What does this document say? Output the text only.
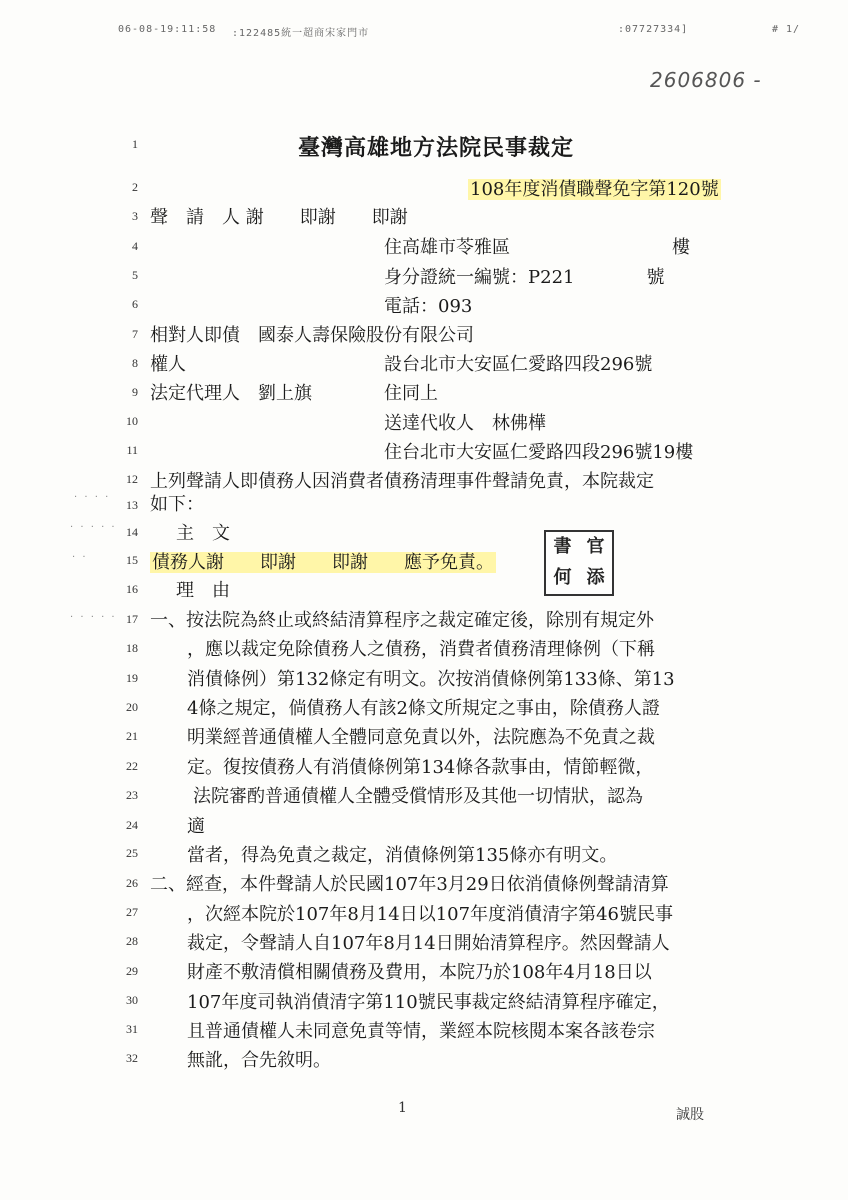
06-08-19:11:58 :122485統一超商宋家門市	:07727334]	# 1/
2606806 -
1
2
3
4
5
6
7
8
9
10
11
12
13
14
15
16
17
18
19
20
21
22
23
24
25
26
27
28
29
30
31
32
臺灣高雄地方法院民事裁定
108年度消債職聲免字第120號
聲　請　人 謝　　即謝　　即謝
住高雄市苓雅區　　　　　　　　　樓
身分證統一編號：P221　　　　號
電話：093
相對人即債　國泰人壽保險股份有限公司
權人	設台北市大安區仁愛路四段296號
法定代理人　劉上旗	住同上
送達代收人　林佛樺
住台北市大安區仁愛路四段296號19樓
上列聲請人即債務人因消費者債務清理事件聲請免責，本院裁定
如下：
主　文
債務人謝　　即謝　　即謝　　應予免責。
理　由
一、按法院為終止或終結清算程序之裁定確定後，除別有規定外
，應以裁定免除債務人之債務，消費者債務清理條例（下稱
消債條例）第132條定有明文。次按消債條例第133條、第13
4條之規定，倘債務人有該2條文所規定之事由，除債務人證
明業經普通債權人全體同意免責以外，法院應為不免責之裁
定。復按債務人有消債條例第134條各款事由，情節輕微，
法院審酌普通債權人全體受償情形及其他一切情狀，認為
適
當者，得為免責之裁定，消債條例第135條亦有明文。
二、經查，本件聲請人於民國107年3月29日依消債條例聲請清算
，次經本院於107年8月14日以107年度消債清字第46號民事
裁定，令聲請人自107年8月14日開始清算程序。然因聲請人
財產不敷清償相關債務及費用，本院乃於108年4月18日以
107年度司執消債清字第110號民事裁定終結清算程序確定，
且普通債權人未同意免責等情，業經本院核閱本案各該卷宗
無訛，合先敘明。
書 官
何 添
· · · ·
· · · · ·
· ·
· · · · ·
1	誠股
